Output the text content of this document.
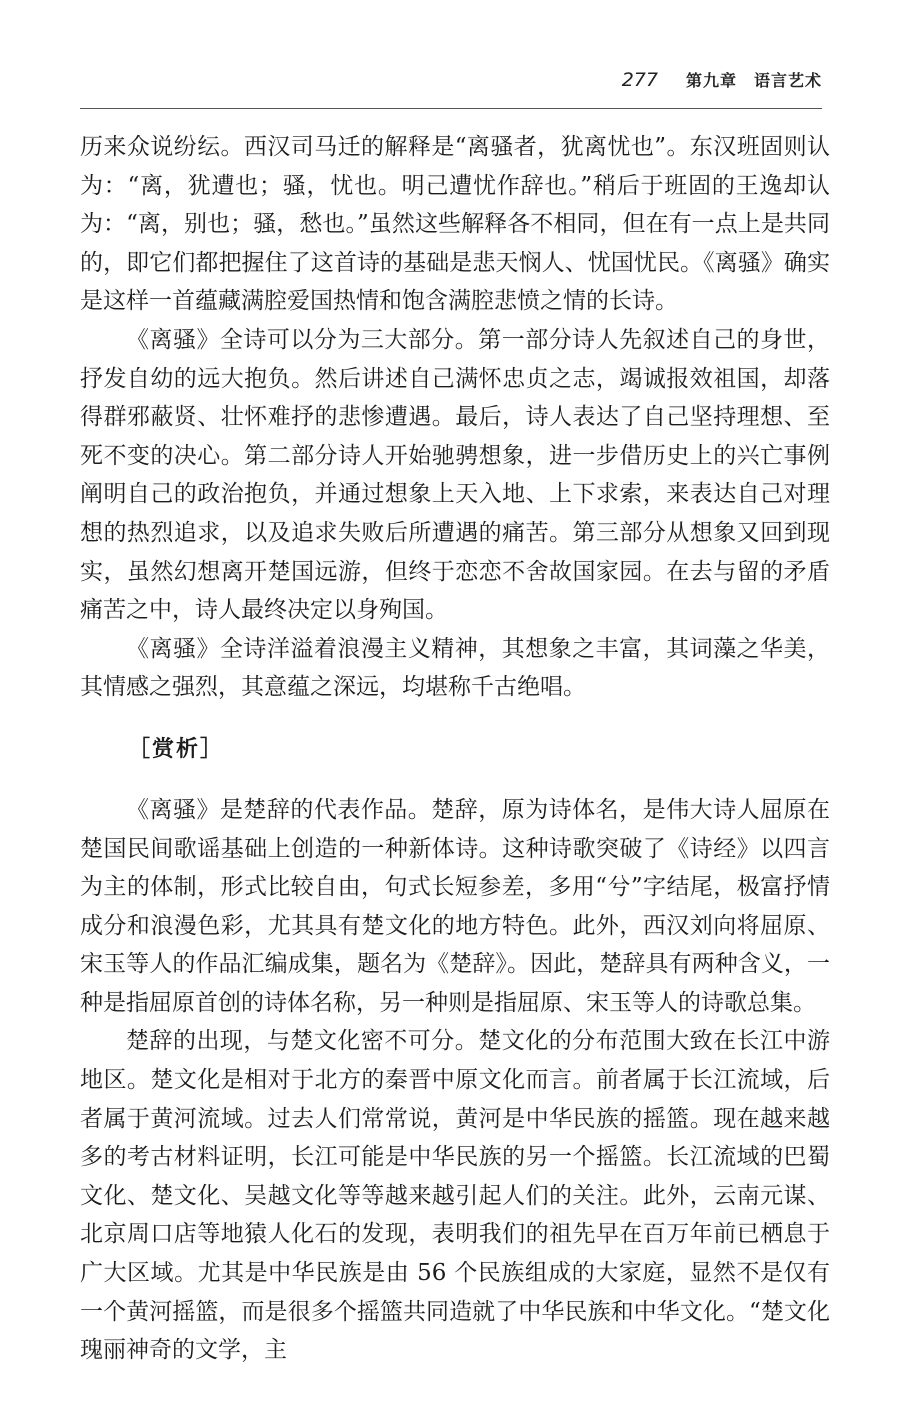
277 第九章　语言艺术

历来众说纷纭。西汉司马迁的解释是“离骚者，犹离忧也”。东汉班固则认为：“离，犹遭也；骚，忧也。明己遭忧作辞也。”稍后于班固的王逸却认为：“离，别也；骚，愁也。”虽然这些解释各不相同，但在有一点上是共同的，即它们都把握住了这首诗的基础是悲天悯人、忧国忧民。《离骚》确实是这样一首蕴藏满腔爱国热情和饱含满腔悲愤之情的长诗。

《离骚》全诗可以分为三大部分。第一部分诗人先叙述自己的身世，抒发自幼的远大抱负。然后讲述自己满怀忠贞之志，竭诚报效祖国，却落得群邪蔽贤、壮怀难抒的悲惨遭遇。最后，诗人表达了自己坚持理想、至死不变的决心。第二部分诗人开始驰骋想象，进一步借历史上的兴亡事例阐明自己的政治抱负，并通过想象上天入地、上下求索，来表达自己对理想的热烈追求，以及追求失败后所遭遇的痛苦。第三部分从想象又回到现实，虽然幻想离开楚国远游，但终于恋恋不舍故国家园。在去与留的矛盾痛苦之中，诗人最终决定以身殉国。

《离骚》全诗洋溢着浪漫主义精神，其想象之丰富，其词藻之华美，其情感之强烈，其意蕴之深远，均堪称千古绝唱。

［赏析］

《离骚》是楚辞的代表作品。楚辞，原为诗体名，是伟大诗人屈原在楚国民间歌谣基础上创造的一种新体诗。这种诗歌突破了《诗经》以四言为主的体制，形式比较自由，句式长短参差，多用“兮”字结尾，极富抒情成分和浪漫色彩，尤其具有楚文化的地方特色。此外，西汉刘向将屈原、宋玉等人的作品汇编成集，题名为《楚辞》。因此，楚辞具有两种含义，一种是指屈原首创的诗体名称，另一种则是指屈原、宋玉等人的诗歌总集。

楚辞的出现，与楚文化密不可分。楚文化的分布范围大致在长江中游地区。楚文化是相对于北方的秦晋中原文化而言。前者属于长江流域，后者属于黄河流域。过去人们常常说，黄河是中华民族的摇篮。现在越来越多的考古材料证明，长江可能是中华民族的另一个摇篮。长江流域的巴蜀文化、楚文化、吴越文化等等越来越引起人们的关注。此外，云南元谋、北京周口店等地猿人化石的发现，表明我们的祖先早在百万年前已栖息于广大区域。尤其是中华民族是由 56 个民族组成的大家庭，显然不是仅有一个黄河摇篮，而是很多个摇篮共同造就了中华民族和中华文化。“楚文化瑰丽神奇的文学，主
